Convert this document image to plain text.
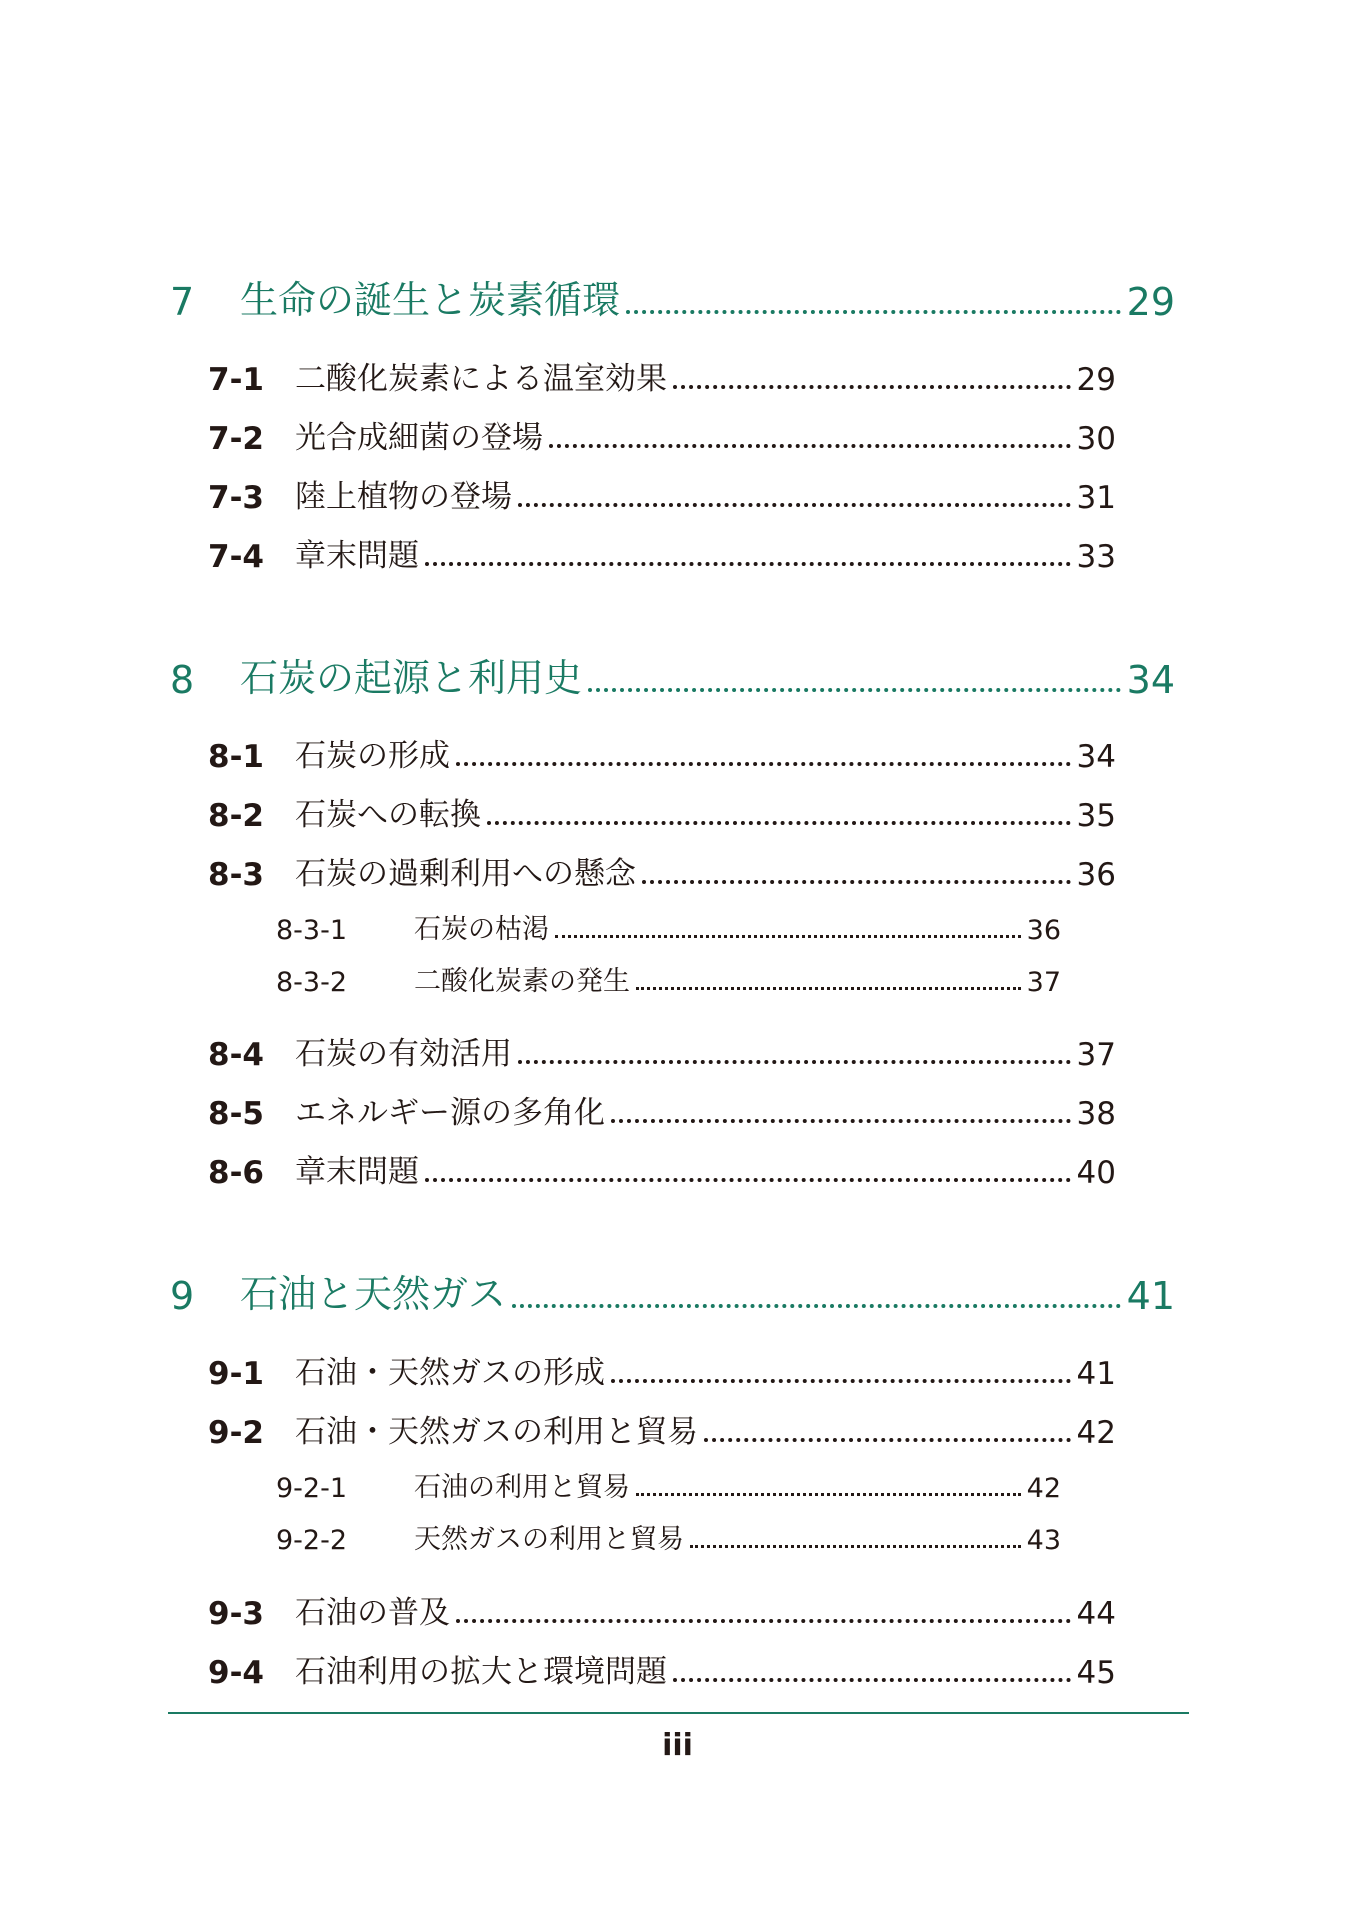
7	生命の誕生と炭素循環	29
7-1 二酸化炭素による温室効果	29
7-2 光合成細菌の登場	30
7-3 陸上植物の登場	31
7-4 章末問題	33
8	石炭の起源と利用史	34
8-1 石炭の形成	34
8-2 石炭への転換	35
8-3 石炭の過剰利用への懸念	36
8-3-1	石炭の枯渇	36
8-3-2	二酸化炭素の発生	37
8-4 石炭の有効活用	37
8-5 エネルギー源の多角化	38
8-6 章末問題	40
9	石油と天然ガス	41
9-1 石油・天然ガスの形成	41
9-2 石油・天然ガスの利用と貿易	42
9-2-1	石油の利用と貿易	42
9-2-2	天然ガスの利用と貿易	43
9-3 石油の普及	44
9-4 石油利用の拡大と環境問題	45
iii
